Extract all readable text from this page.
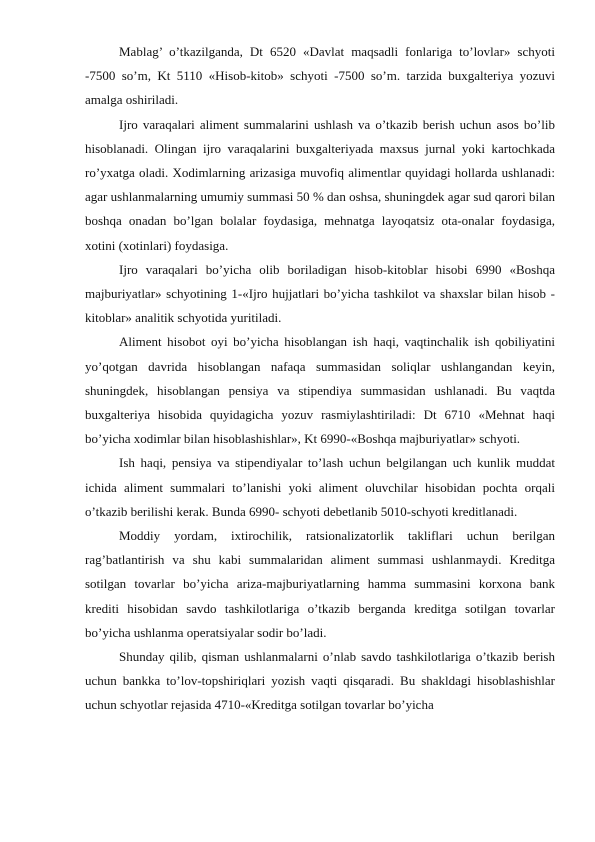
Mablag’ o’tkazilganda, Dt 6520 «Davlat maqsadli fonlariga to’lovlar» schyoti -7500 so’m, Kt 5110 «Hisob-kitob» schyoti -7500 so’m. tarzida buxgalteriya yozuvi amalga oshiriladi.

Ijro varaqalari aliment summalarini ushlash va o’tkazib berish uchun asos bo’lib hisoblanadi. Olingan ijro varaqalarini buxgalteriyada maxsus jurnal yoki kartochkada ro’yxatga oladi. Xodimlarning arizasiga muvofiq alimentlar quyidagi hollarda ushlanadi: agar ushlanmalarning umumiy summasi 50 % dan oshsa, shuningdek agar sud qarori bilan boshqa onadan bo’lgan bolalar foydasiga, mehnatga layoqatsiz ota-onalar foydasiga, xotini (xotinlari) foydasiga.

Ijro varaqalari bo’yicha olib boriladigan hisob-kitoblar hisobi 6990 «Boshqa majburiyatlar» schyotining 1-«Ijro hujjatlari bo’yicha tashkilot va shaxslar bilan hisob - kitoblar» analitik schyotida yuritiladi.

Aliment hisobot oyi bo’yicha hisoblangan ish haqi, vaqtinchalik ish qobiliyatini yo’qotgan davrida hisoblangan nafaqa summasidan soliqlar ushlangandan keyin, shuningdek, hisoblangan pensiya va stipendiya summasidan ushlanadi. Bu vaqtda buxgalteriya hisobida quyidagicha yozuv rasmiylashtiriladi: Dt 6710 «Mehnat haqi bo’yicha xodimlar bilan hisoblashishlar», Kt 6990-«Boshqa majburiyatlar» schyoti.

Ish haqi, pensiya va stipendiyalar to’lash uchun belgilangan uch kunlik muddat ichida aliment summalari to’lanishi yoki aliment oluvchilar hisobidan pochta orqali o’tkazib berilishi kerak. Bunda 6990- schyoti debetlanib 5010-schyoti kreditlanadi.

Moddiy yordam, ixtirochilik, ratsionalizatorlik takliflari uchun berilgan rag’batlantirish va shu kabi summalaridan aliment summasi ushlanmaydi. Kreditga sotilgan tovarlar bo’yicha ariza-majburiyatlarning hamma summasini korxona bank krediti hisobidan savdo tashkilotlariga o’tkazib berganda kreditga sotilgan tovarlar bo’yicha ushlanma operatsiyalar sodir bo’ladi.

Shunday qilib, qisman ushlanmalarni o’nlab savdo tashkilotlariga o’tkazib berish uchun bankka to’lov-topshiriqlari yozish vaqti qisqaradi. Bu shakldagi hisoblashishlar uchun schyotlar rejasida 4710-«Kreditga sotilgan tovarlar bo’yicha
